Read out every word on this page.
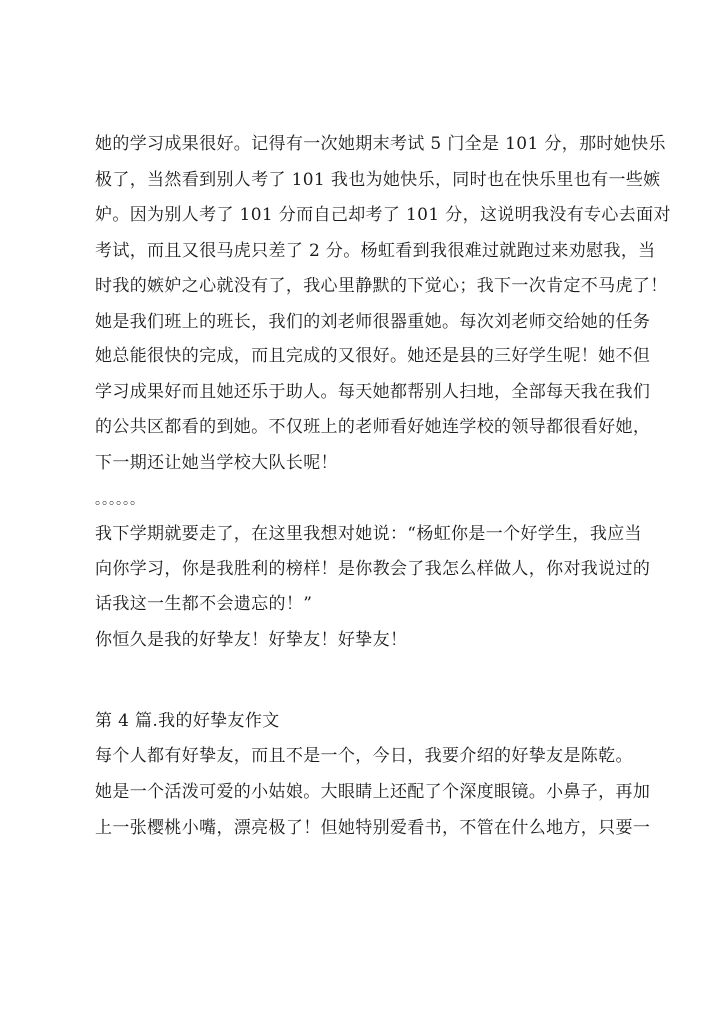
她的学习成果很好。记得有一次她期末考试 5 门全是 101 分，那时她快乐
极了，当然看到别人考了 101 我也为她快乐，同时也在快乐里也有一些嫉
妒。因为别人考了 101 分而自己却考了 101 分，这说明我没有专心去面对
考试，而且又很马虎只差了 2 分。杨虹看到我很难过就跑过来劝慰我，当
时我的嫉妒之心就没有了，我心里静默的下觉心；我下一次肯定不马虎了！
她是我们班上的班长，我们的刘老师很器重她。每次刘老师交给她的任务
她总能很快的完成，而且完成的又很好。她还是县的三好学生呢！她不但
学习成果好而且她还乐于助人。每天她都帮别人扫地，全部每天我在我们
的公共区都看的到她。不仅班上的老师看好她连学校的领导都很看好她，
下一期还让她当学校大队长呢！
。。。。。。
我下学期就要走了，在这里我想对她说：“杨虹你是一个好学生，我应当
向你学习，你是我胜利的榜样！是你教会了我怎么样做人，你对我说过的
话我这一生都不会遗忘的！”
你恒久是我的好挚友！好挚友！好挚友！
第 4 篇.我的好挚友作文
每个人都有好挚友，而且不是一个，今日，我要介绍的好挚友是陈乾。
她是一个活泼可爱的小姑娘。大眼睛上还配了个深度眼镜。小鼻子，再加
上一张樱桃小嘴，漂亮极了！但她特别爱看书，不管在什么地方，只要一
